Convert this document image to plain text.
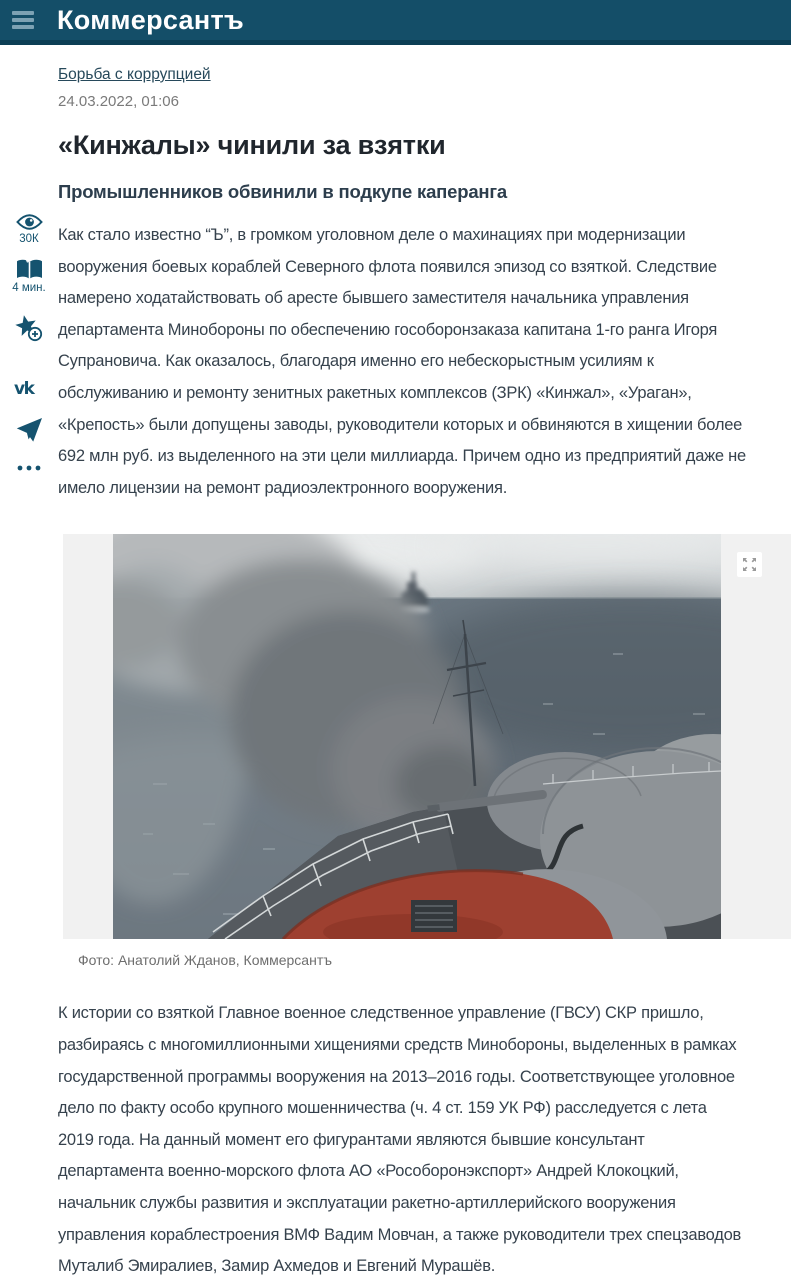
Коммерсантъ
Борьба с коррупцией
24.03.2022, 01:06
«Кинжалы» чинили за взятки
Промышленников обвинили в подкупе каперанга
30К
4 мин.
vk

Как стало известно “Ъ”, в громком уголовном деле о махинациях при модернизации вооружения боевых кораблей Северного флота появился эпизод со взяткой. Следствие намерено ходатайствовать об аресте бывшего заместителя начальника управления департамента Минобороны по обеспечению гособоронзаказа капитана 1-го ранга Игоря Супрановича. Как оказалось, благодаря именно его небескорыстным усилиям к обслуживанию и ремонту зенитных ракетных комплексов (ЗРК) «Кинжал», «Ураган», «Крепость» были допущены заводы, руководители которых и обвиняются в хищении более 692 млн руб. из выделенного на эти цели миллиарда. Причем одно из предприятий даже не имело лицензии на ремонт радиоэлектронного вооружения.

Фото: Анатолий Жданов, Коммерсантъ

К истории со взяткой Главное военное следственное управление (ГВСУ) СКР пришло, разбираясь с многомиллионными хищениями средств Минобороны, выделенных в рамках государственной программы вооружения на 2013–2016 годы. Соответствующее уголовное дело по факту особо крупного мошенничества (ч. 4 ст. 159 УК РФ) расследуется с лета 2019 года. На данный момент его фигурантами являются бывшие консультант департамента военно-морского флота АО «Рособоронэкспорт» Андрей Клокоцкий, начальник службы развития и эксплуатации ракетно-артиллерийского вооружения управления кораблестроения ВМФ Вадим Мовчан, а также руководители трех спецзаводов Муталиб Эмиралиев, Замир Ахмедов и Евгений Мурашёв.
